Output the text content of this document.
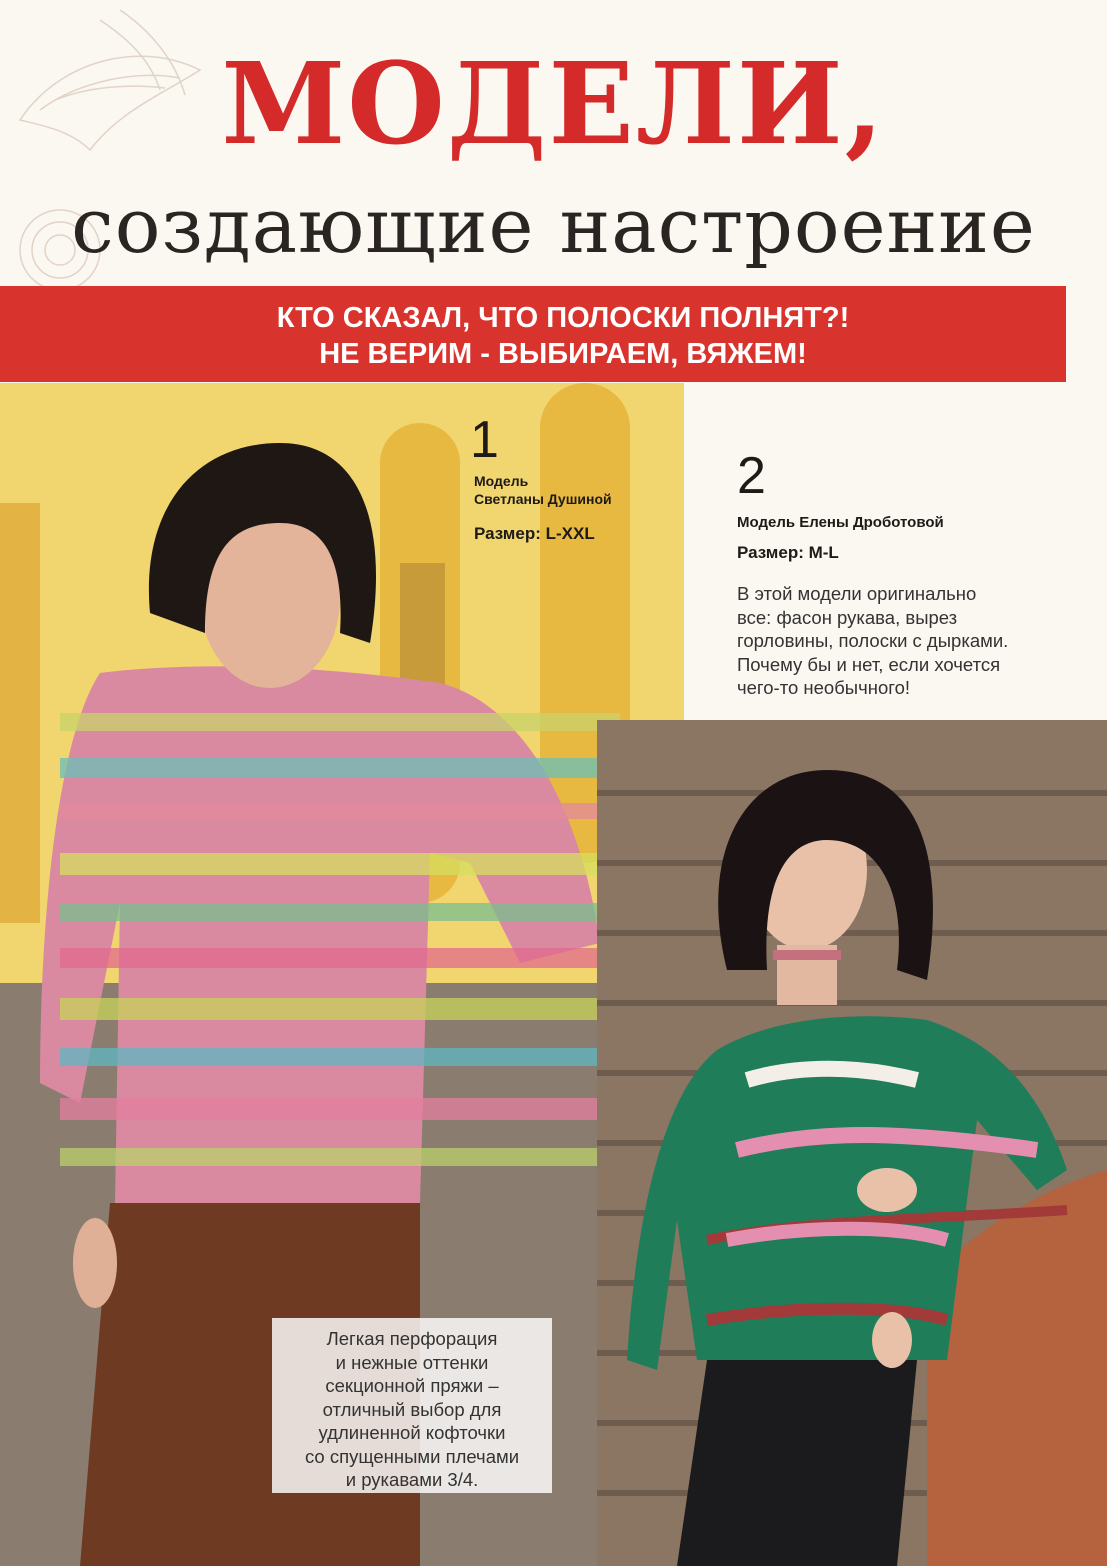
МОДЕЛИ,
создающие настроение
КТО СКАЗАЛ, ЧТО ПОЛОСКИ ПОЛНЯТ?!
НЕ ВЕРИМ - ВЫБИРАЕМ, ВЯЖЕМ!
1
Модель
Светланы Душиной
Размер: L-XXL
2
Модель Елены Дроботовой
Размер: M-L
В этой модели оригинально
все: фасон рукава, вырез
горловины, полоски с дырками.
Почему бы и нет, если хочется
чего-то необычного!
Легкая перфорация
и нежные оттенки
секционной пряжи –
отличный выбор для
удлиненной кофточки
со спущенными плечами
и рукавами 3/4.
